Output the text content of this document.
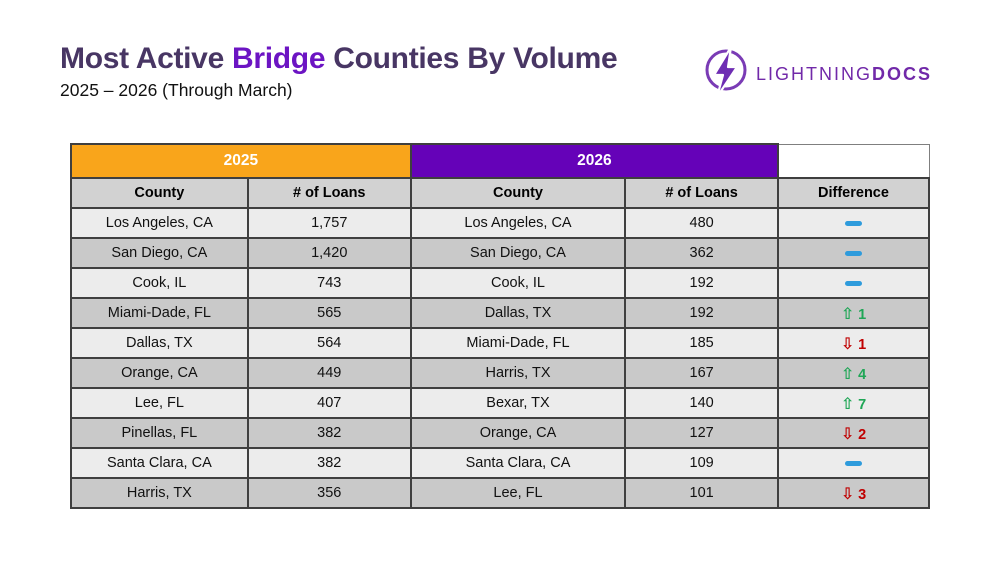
Most Active Bridge Counties By Volume
2025 – 2026 (Through March)
LIGHTNINGDOCS
2025		2026		
County	# of Loans	County	# of Loans	Difference
Los Angeles, CA	1,757	Los Angeles, CA	480	
San Diego, CA	1,420	San Diego, CA	362	
Cook, IL	743	Cook, IL	192	
Miami-Dade, FL	565	Dallas, TX	192	⇧ 1
Dallas, TX	564	Miami-Dade, FL	185	⇩ 1
Orange, CA	449	Harris, TX	167	⇧ 4
Lee, FL	407	Bexar, TX	140	⇧ 7
Pinellas, FL	382	Orange, CA	127	⇩ 2
Santa Clara, CA	382	Santa Clara, CA	109	
Harris, TX	356	Lee, FL	101	⇩ 3
